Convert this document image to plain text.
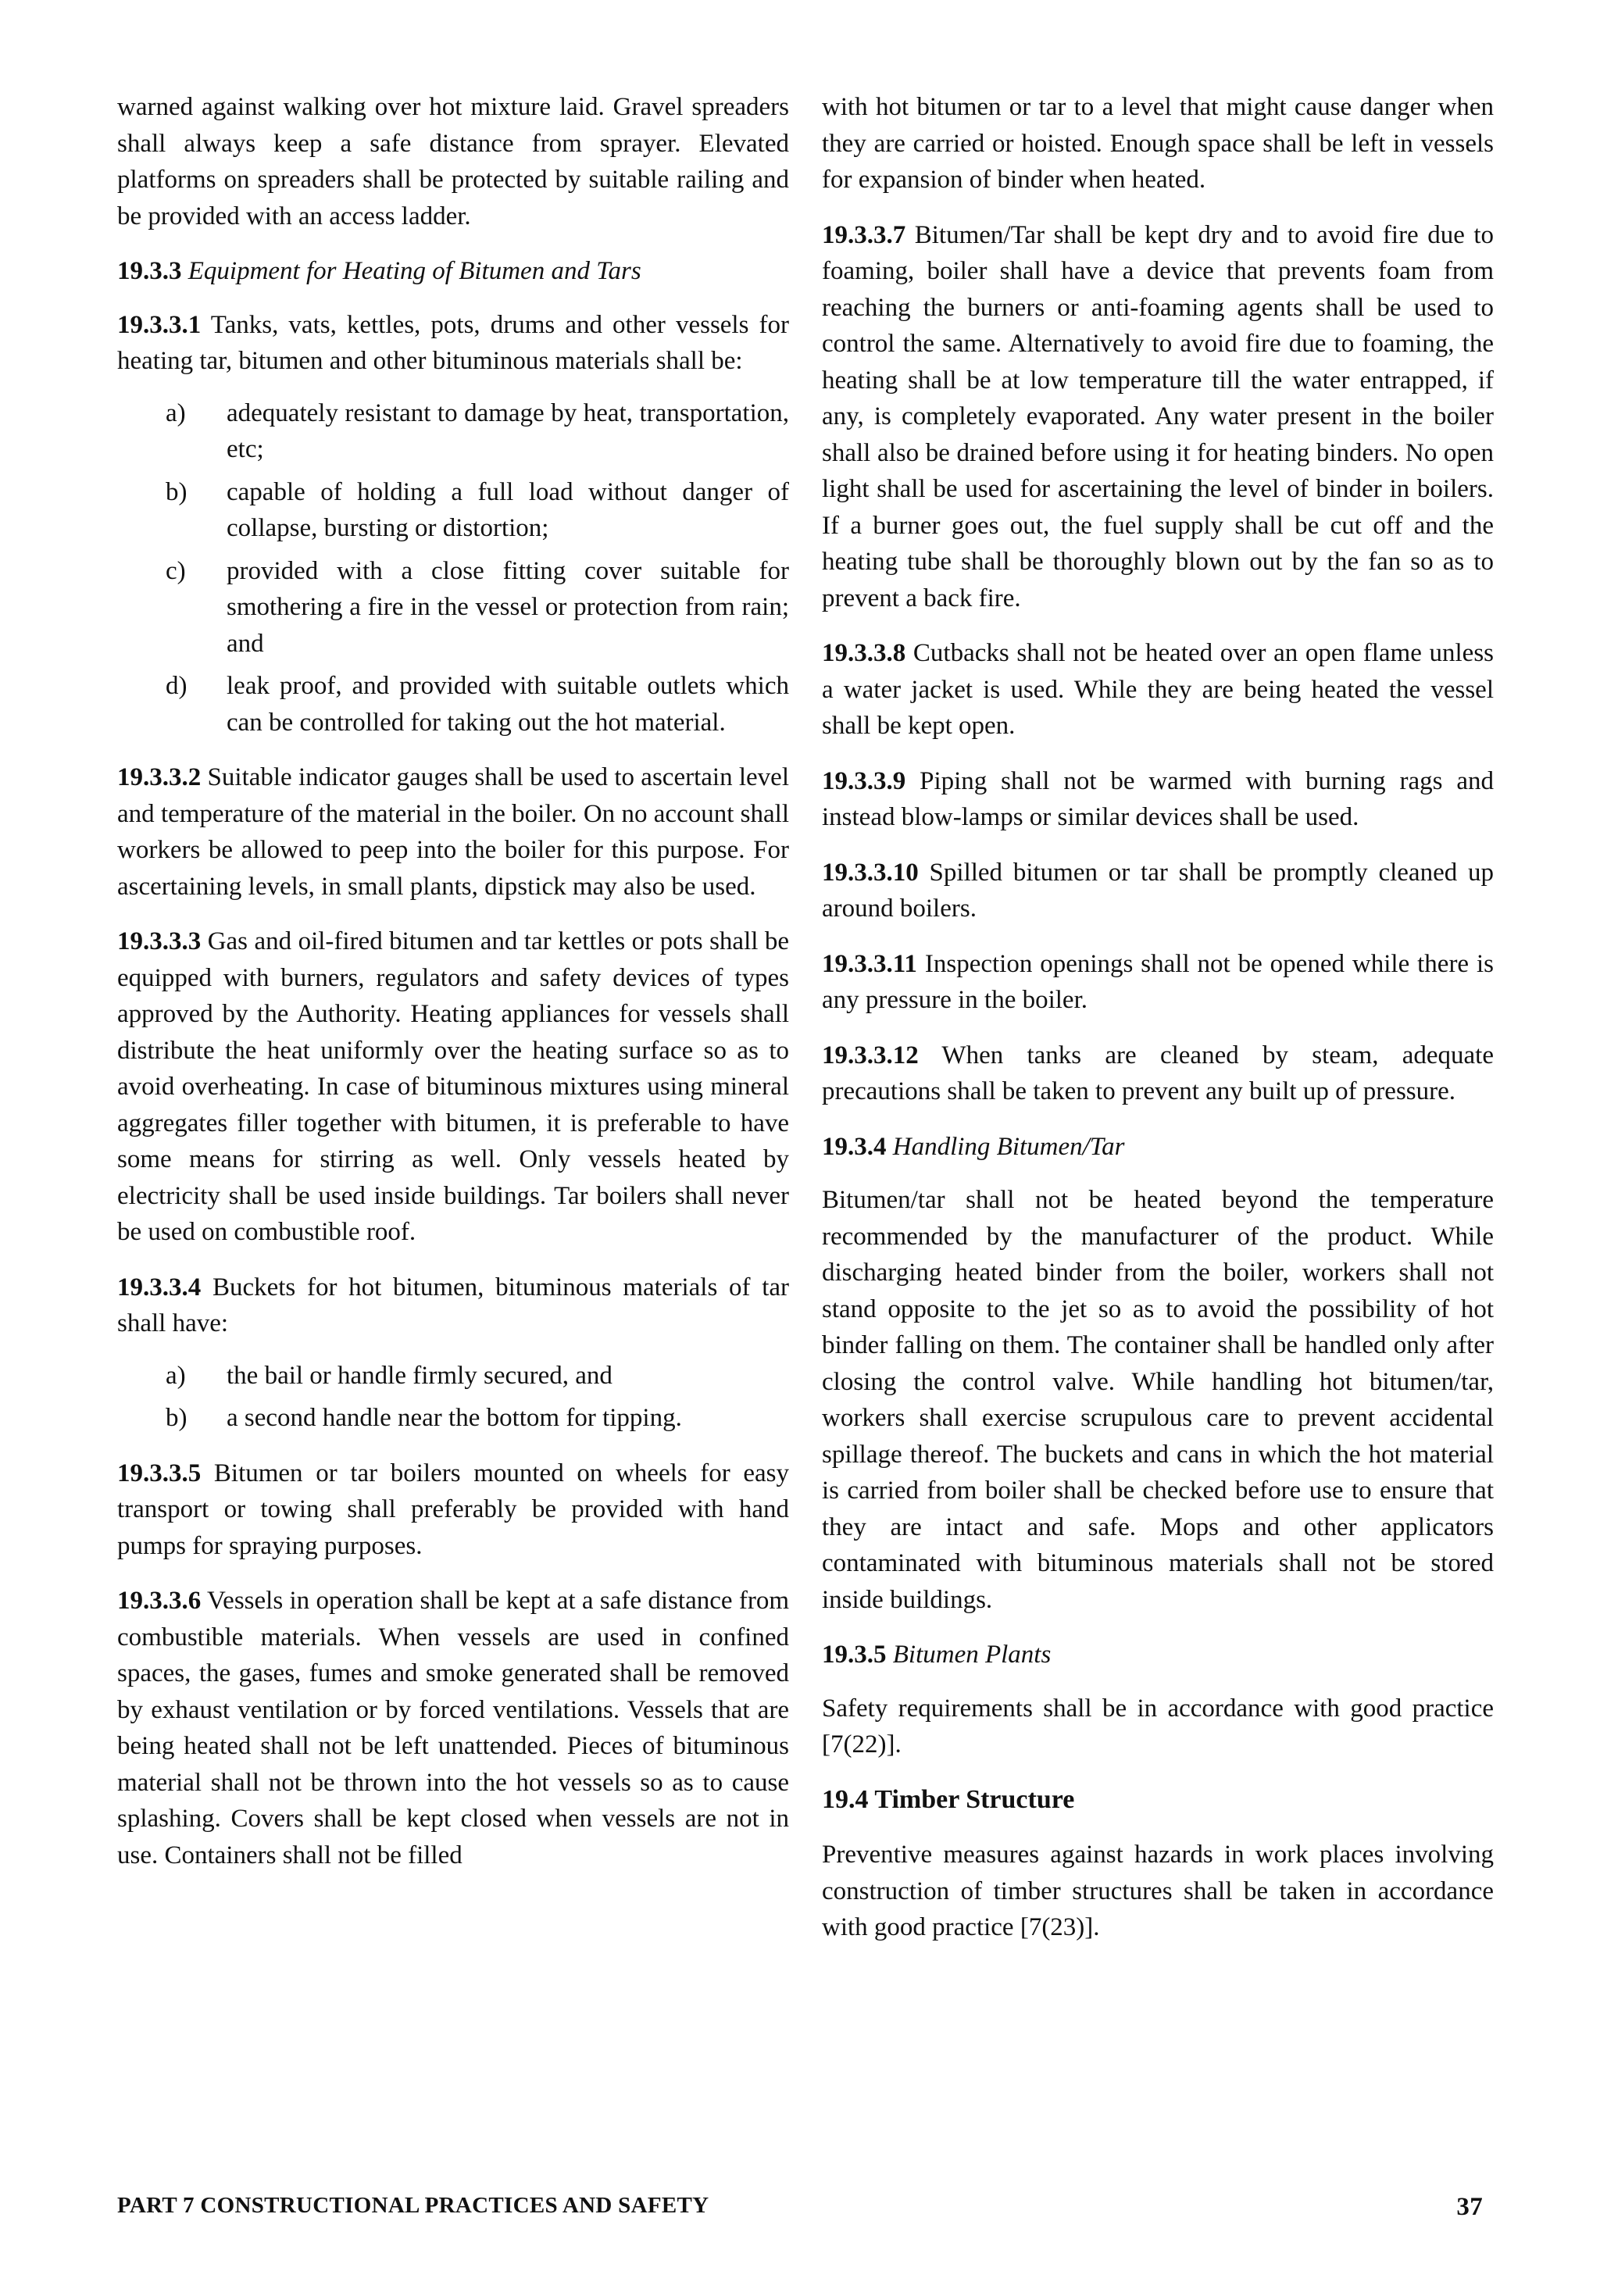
warned against walking over hot mixture laid. Gravel spreaders shall always keep a safe distance from sprayer. Elevated platforms on spreaders shall be protected by suitable railing and be provided with an access ladder.

19.3.3 Equipment for Heating of Bitumen and Tars

19.3.3.1 Tanks, vats, kettles, pots, drums and other vessels for heating tar, bitumen and other bituminous materials shall be:

a) adequately resistant to damage by heat, transportation, etc;
b) capable of holding a full load without danger of collapse, bursting or distortion;
c) provided with a close fitting cover suitable for smothering a fire in the vessel or protection from rain; and
d) leak proof, and provided with suitable outlets which can be controlled for taking out the hot material.

19.3.3.2 Suitable indicator gauges shall be used to ascertain level and temperature of the material in the boiler. On no account shall workers be allowed to peep into the boiler for this purpose. For ascertaining levels, in small plants, dipstick may also be used.

19.3.3.3 Gas and oil-fired bitumen and tar kettles or pots shall be equipped with burners, regulators and safety devices of types approved by the Authority. Heating appliances for vessels shall distribute the heat uniformly over the heating surface so as to avoid overheating. In case of bituminous mixtures using mineral aggregates filler together with bitumen, it is preferable to have some means for stirring as well. Only vessels heated by electricity shall be used inside buildings. Tar boilers shall never be used on combustible roof.

19.3.3.4 Buckets for hot bitumen, bituminous materials of tar shall have:

a) the bail or handle firmly secured, and
b) a second handle near the bottom for tipping.

19.3.3.5 Bitumen or tar boilers mounted on wheels for easy transport or towing shall preferably be provided with hand pumps for spraying purposes.

19.3.3.6 Vessels in operation shall be kept at a safe distance from combustible materials. When vessels are used in confined spaces, the gases, fumes and smoke generated shall be removed by exhaust ventilation or by forced ventilations. Vessels that are being heated shall not be left unattended. Pieces of bituminous material shall not be thrown into the hot vessels so as to cause splashing. Covers shall be kept closed when vessels are not in use. Containers shall not be filled

with hot bitumen or tar to a level that might cause danger when they are carried or hoisted. Enough space shall be left in vessels for expansion of binder when heated.

19.3.3.7 Bitumen/Tar shall be kept dry and to avoid fire due to foaming, boiler shall have a device that prevents foam from reaching the burners or anti-foaming agents shall be used to control the same. Alternatively to avoid fire due to foaming, the heating shall be at low temperature till the water entrapped, if any, is completely evaporated. Any water present in the boiler shall also be drained before using it for heating binders. No open light shall be used for ascertaining the level of binder in boilers. If a burner goes out, the fuel supply shall be cut off and the heating tube shall be thoroughly blown out by the fan so as to prevent a back fire.

19.3.3.8 Cutbacks shall not be heated over an open flame unless a water jacket is used. While they are being heated the vessel shall be kept open.

19.3.3.9 Piping shall not be warmed with burning rags and instead blow-lamps or similar devices shall be used.

19.3.3.10 Spilled bitumen or tar shall be promptly cleaned up around boilers.

19.3.3.11 Inspection openings shall not be opened while there is any pressure in the boiler.

19.3.3.12 When tanks are cleaned by steam, adequate precautions shall be taken to prevent any built up of pressure.

19.3.4 Handling Bitumen/Tar

Bitumen/tar shall not be heated beyond the temperature recommended by the manufacturer of the product. While discharging heated binder from the boiler, workers shall not stand opposite to the jet so as to avoid the possibility of hot binder falling on them. The container shall be handled only after closing the control valve. While handling hot bitumen/tar, workers shall exercise scrupulous care to prevent accidental spillage thereof. The buckets and cans in which the hot material is carried from boiler shall be checked before use to ensure that they are intact and safe. Mops and other applicators contaminated with bituminous materials shall not be stored inside buildings.

19.3.5 Bitumen Plants

Safety requirements shall be in accordance with good practice [7(22)].

19.4 Timber Structure

Preventive measures against hazards in work places involving construction of timber structures shall be taken in accordance with good practice [7(23)].

PART 7 CONSTRUCTIONAL PRACTICES AND SAFETY	37
